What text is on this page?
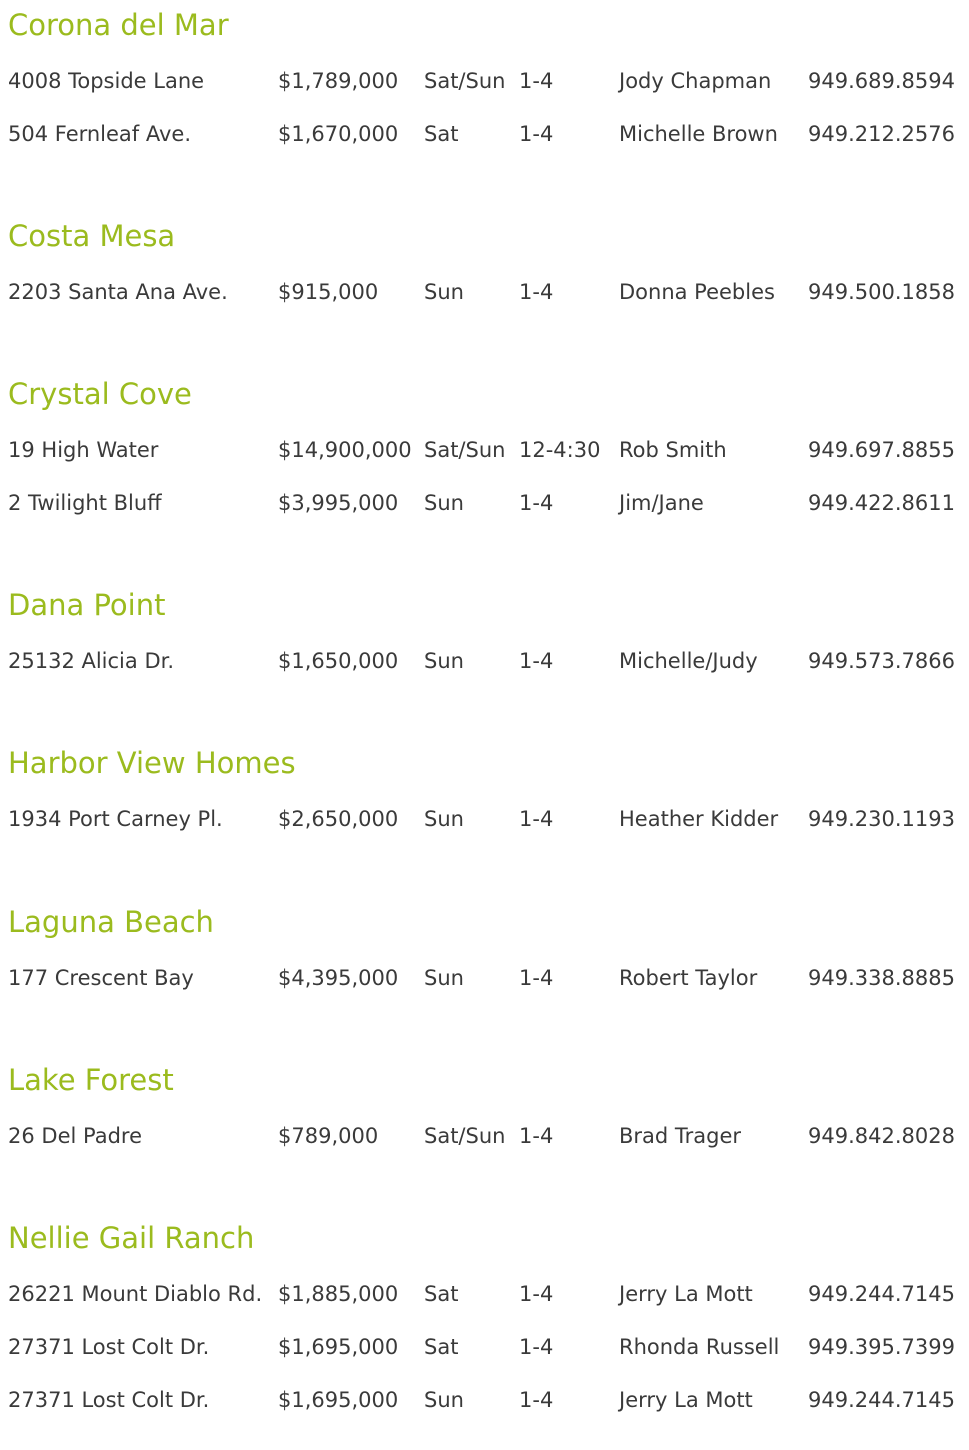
Corona del Mar
4008 Topside Lane	$1,789,000 Sat/Sun 1-4	Jody Chapman 949.689.8594
504 Fernleaf Ave.	$1,670,000 Sat	1-4	Michelle Brown 949.212.2576
Costa Mesa
2203 Santa Ana Ave. $915,000 Sun	1-4	Donna Peebles 949.500.1858
Crystal Cove
19 High Water	$14,900,000 Sat/Sun 12-4:30 Rob Smith	949.697.8855
2 Twilight Bluff	$3,995,000 Sun	1-4	Jim/Jane	949.422.8611
Dana Point
25132 Alicia Dr.	$1,650,000 Sun	1-4	Michelle/Judy 949.573.7866
Harbor View Homes
1934 Port Carney Pl.	$2,650,000 Sun	1-4	Heather Kidder 949.230.1193
Laguna Beach
177 Crescent Bay	$4,395,000 Sun	1-4	Robert Taylor 949.338.8885
Lake Forest
26 Del Padre	$789,000 Sat/Sun 1-4	Brad Trager	949.842.8028
Nellie Gail Ranch
26221 Mount Diablo Rd. $1,885,000 Sat	1-4	Jerry La Mott	949.244.7145
27371 Lost Colt Dr.	$1,695,000 Sat	1-4	Rhonda Russell 949.395.7399
27371 Lost Colt Dr.	$1,695,000 Sun	1-4	Jerry La Mott	949.244.7145
